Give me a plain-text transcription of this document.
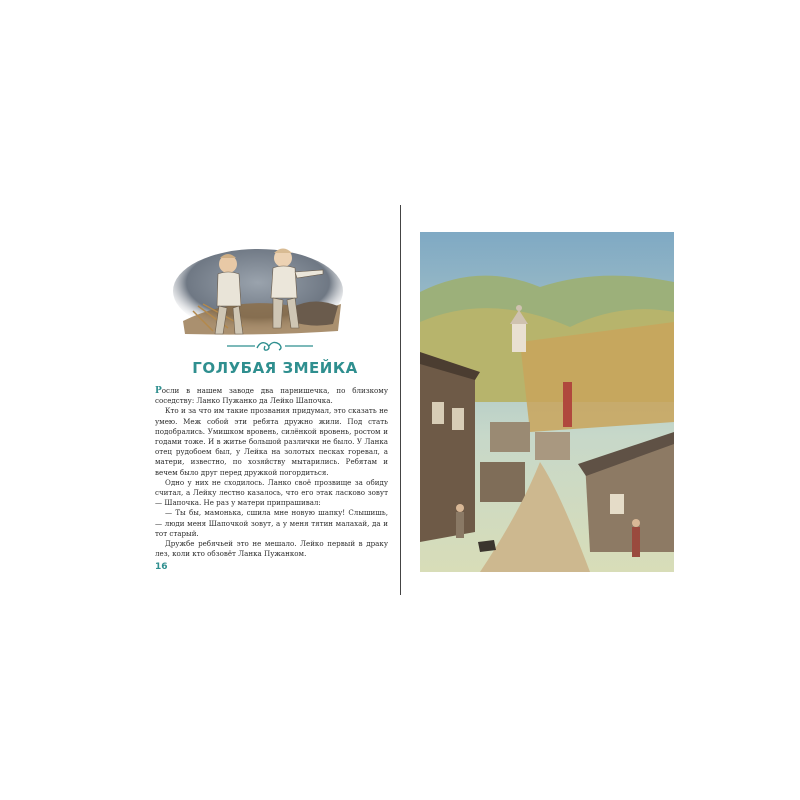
ГОЛУБАЯ ЗМЕЙКА

Росли в нашем заводе два парнишечка, по близкому соседству: Ланко Пужанко да Лейко Шапочка.

Кто и за что им такие прозвания придумал, это сказать не умею. Меж собой эти ребята дружно жили. Под стать подобрались. Умишком вровень, силёнкой вровень, ростом и годами тоже. И в житье большой различки не было. У Ланка отец рудобоем был, у Лейка на золотых песках горевал, а матери, известно, по хозяйству мытарились. Ребятам и вечем было друг перед дружкой погордиться.

Одно у них не сходилось. Ланко своё прозвище за обиду считал, а Лейку лестно казалось, что его этак ласково зовут — Шапочка. Не раз у матери припрашивал:

— Ты бы, мамонька, сшила мне новую шапку! Слышишь, — люди меня Шапочкой зовут, а у меня тятин малахай, да и тот старый.

Дружбе ребячьей это не мешало. Лейко первый в драку лез, коли кто обзовёт Ланка Пужанком.

16
